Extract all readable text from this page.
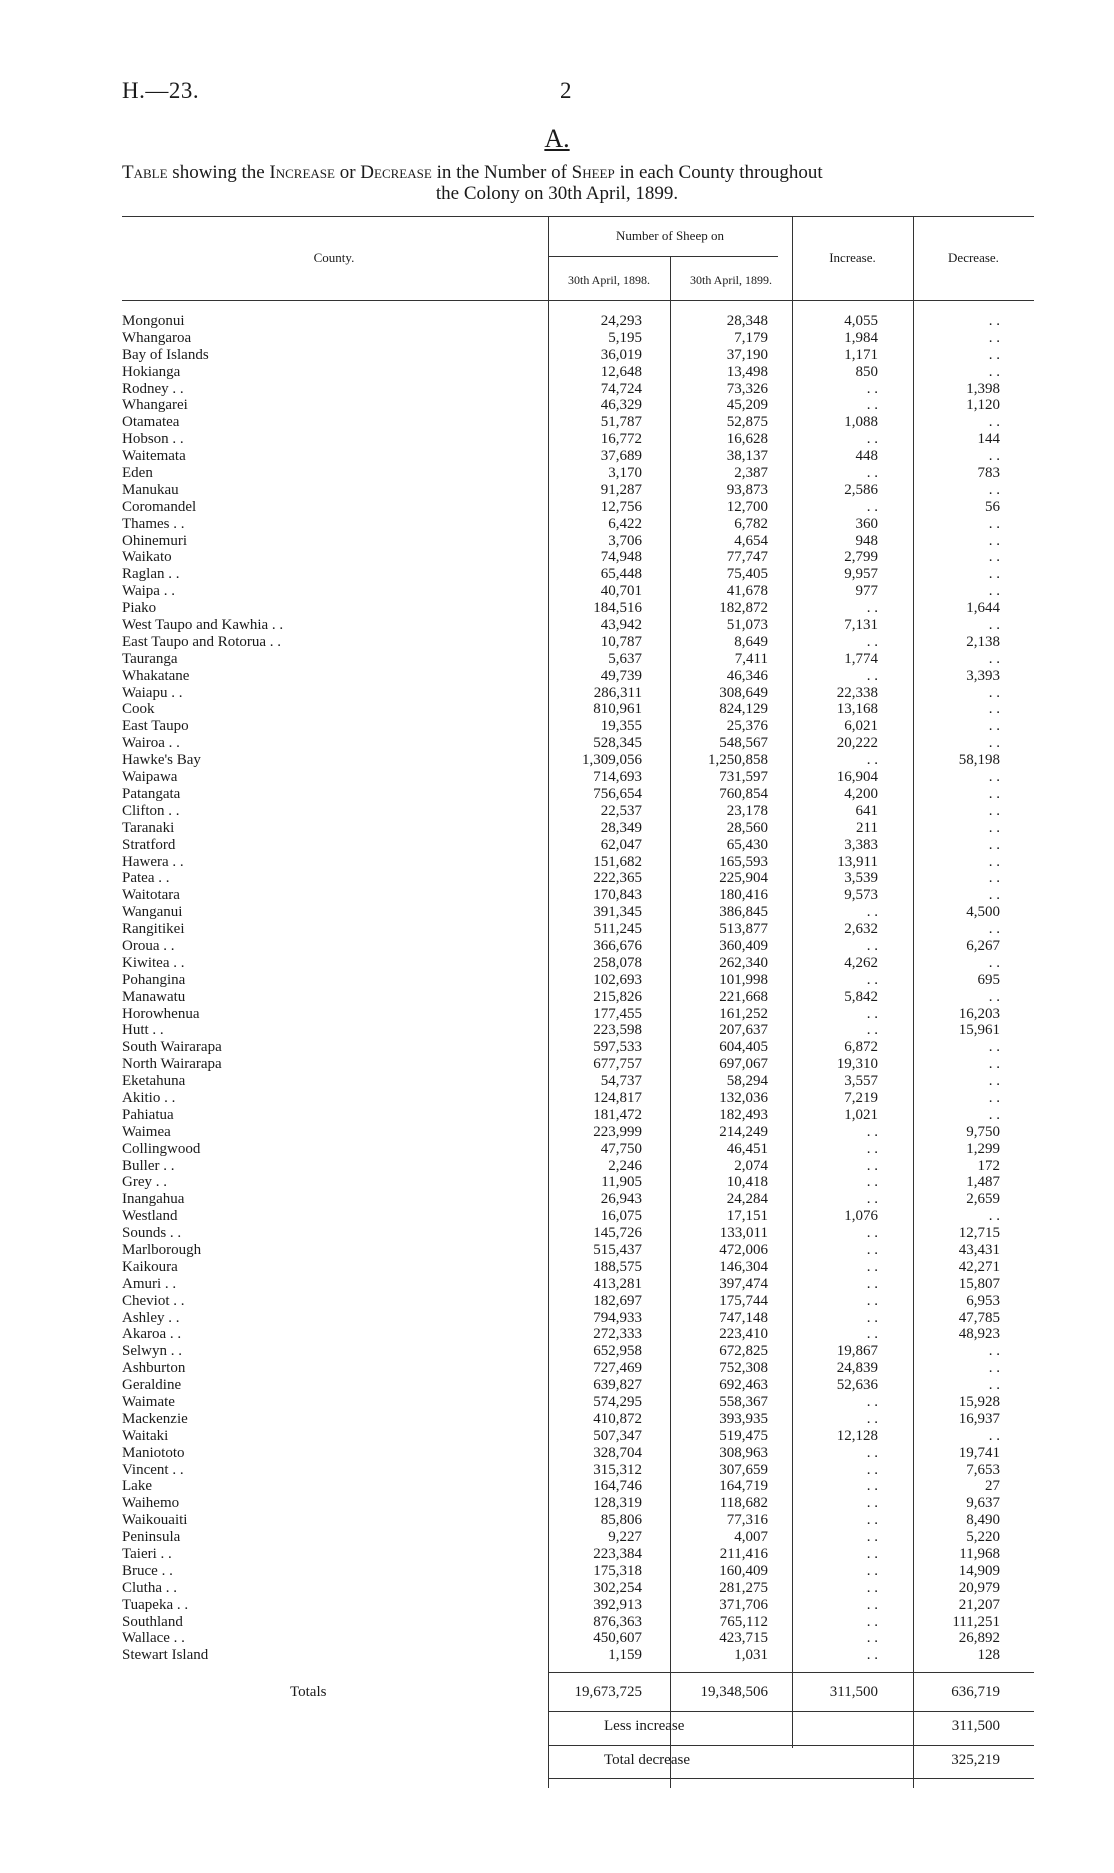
H.—23.	2
A.
Table showing the Increase or Decrease in the Number of Sheep in each County throughout
the Colony on 30th April, 1899.
County.
Number of Sheep on
30th April, 1898.	30th April, 1899.
Increase.	Decrease.
Mongonui	24,293	28,348	4,055	. .
Whangaroa	5,195	7,179	1,984	. .
Bay of Islands	36,019	37,190	1,171	. .
Hokianga	12,648	13,498	850	. .
Rodney . .	74,724	73,326	. .	1,398
Whangarei	46,329	45,209	. .	1,120
Otamatea	51,787	52,875	1,088	. .
Hobson . .	16,772	16,628	. .	144
Waitemata	37,689	38,137	448	. .
Eden	3,170	2,387	. .	783
Manukau	91,287	93,873	2,586	. .
Coromandel	12,756	12,700	. .	56
Thames . .	6,422	6,782	360	. .
Ohinemuri	3,706	4,654	948	. .
Waikato	74,948	77,747	2,799	. .
Raglan . .	65,448	75,405	9,957	. .
Waipa . .	40,701	41,678	977	. .
Piako	184,516	182,872	. .	1,644
West Taupo and Kawhia . .	43,942	51,073	7,131	. .
East Taupo and Rotorua . .	10,787	8,649	. .	2,138
Tauranga	5,637	7,411	1,774	. .
Whakatane	49,739	46,346	. .	3,393
Waiapu . .	286,311	308,649	22,338	. .
Cook	810,961	824,129	13,168	. .
East Taupo	19,355	25,376	6,021	. .
Wairoa . .	528,345	548,567	20,222	. .
Hawke's Bay	1,309,056	1,250,858	. .	58,198
Waipawa	714,693	731,597	16,904	. .
Patangata	756,654	760,854	4,200	. .
Clifton . .	22,537	23,178	641	. .
Taranaki	28,349	28,560	211	. .
Stratford	62,047	65,430	3,383	. .
Hawera . .	151,682	165,593	13,911	. .
Patea . .	222,365	225,904	3,539	. .
Waitotara	170,843	180,416	9,573	. .
Wanganui	391,345	386,845	. .	4,500
Rangitikei	511,245	513,877	2,632	. .
Oroua . .	366,676	360,409	. .	6,267
Kiwitea . .	258,078	262,340	4,262	. .
Pohangina	102,693	101,998	. .	695
Manawatu	215,826	221,668	5,842	. .
Horowhenua	177,455	161,252	. .	16,203
Hutt . .	223,598	207,637	. .	15,961
South Wairarapa	597,533	604,405	6,872	. .
North Wairarapa	677,757	697,067	19,310	. .
Eketahuna	54,737	58,294	3,557	. .
Akitio . .	124,817	132,036	7,219	. .
Pahiatua	181,472	182,493	1,021	. .
Waimea	223,999	214,249	. .	9,750
Collingwood	47,750	46,451	. .	1,299
Buller . .	2,246	2,074	. .	172
Grey . .	11,905	10,418	. .	1,487
Inangahua	26,943	24,284	. .	2,659
Westland	16,075	17,151	1,076	. .
Sounds . .	145,726	133,011	. .	12,715
Marlborough	515,437	472,006	. .	43,431
Kaikoura	188,575	146,304	. .	42,271
Amuri . .	413,281	397,474	. .	15,807
Cheviot . .	182,697	175,744	. .	6,953
Ashley . .	794,933	747,148	. .	47,785
Akaroa . .	272,333	223,410	. .	48,923
Selwyn . .	652,958	672,825	19,867	. .
Ashburton	727,469	752,308	24,839	. .
Geraldine	639,827	692,463	52,636	. .
Waimate	574,295	558,367	. .	15,928
Mackenzie	410,872	393,935	. .	16,937
Waitaki	507,347	519,475	12,128	. .
Maniototo	328,704	308,963	. .	19,741
Vincent . .	315,312	307,659	. .	7,653
Lake	164,746	164,719	. .	27
Waihemo	128,319	118,682	. .	9,637
Waikouaiti	85,806	77,316	. .	8,490
Peninsula	9,227	4,007	. .	5,220
Taieri . .	223,384	211,416	. .	11,968
Bruce . .	175,318	160,409	. .	14,909
Clutha . .	302,254	281,275	. .	20,979
Tuapeka . .	392,913	371,706	. .	21,207
Southland	876,363	765,112	. .	111,251
Wallace . .	450,607	423,715	. .	26,892
Stewart Island	1,159	1,031	. .	128
Totals	19,673,725	19,348,506	311,500	636,719
Less increase	311,500
Total decrease	325,219
